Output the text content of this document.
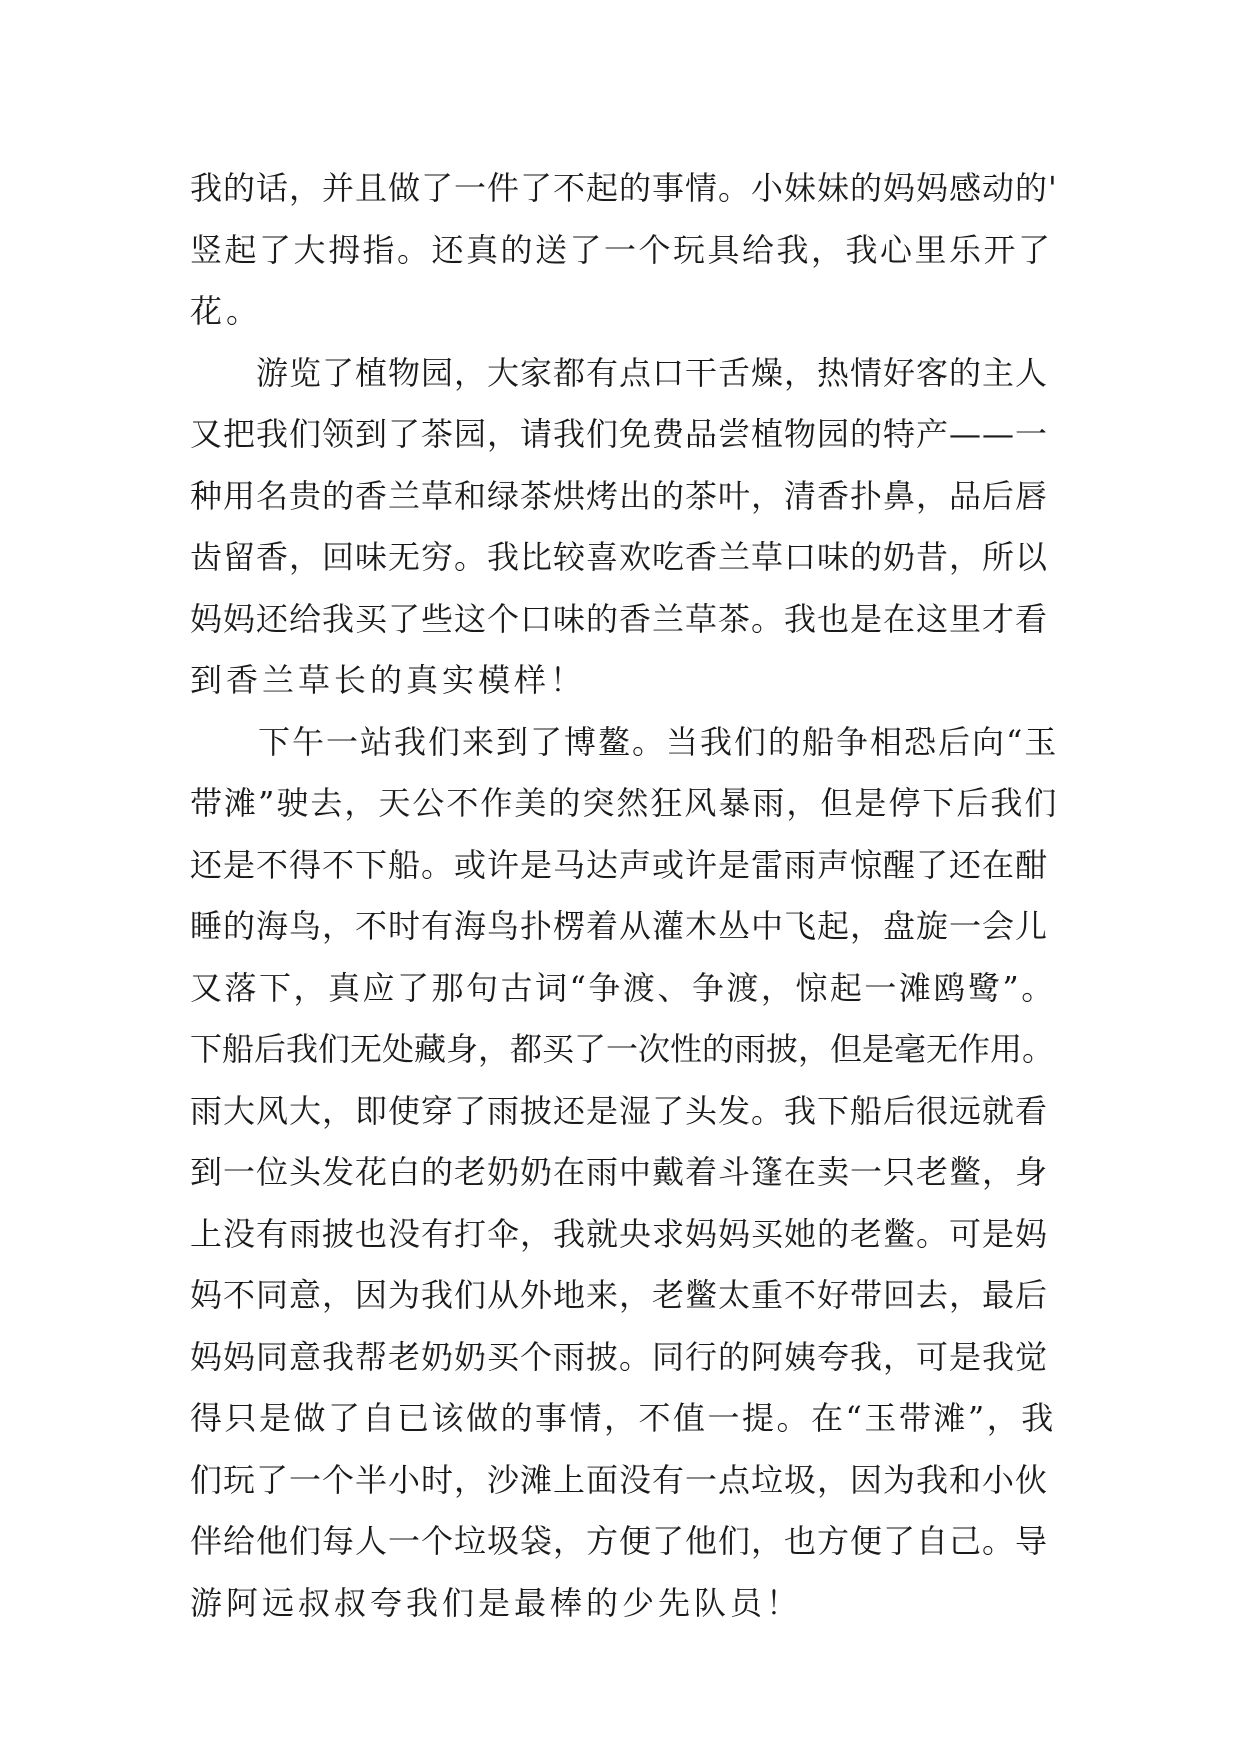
我的话，并且做了一件了不起的事情。小妹妹的妈妈感动的'
竖起了大拇指。还真的送了一个玩具给我，我心里乐开了
花。
　　游览了植物园，大家都有点口干舌燥，热情好客的主人
又把我们领到了茶园，请我们免费品尝植物园的特产——一
种用名贵的香兰草和绿茶烘烤出的茶叶，清香扑鼻，品后唇
齿留香，回味无穷。我比较喜欢吃香兰草口味的奶昔，所以
妈妈还给我买了些这个口味的香兰草茶。我也是在这里才看
到香兰草长的真实模样！
　　下午一站我们来到了博鳌。当我们的船争相恐后向“玉
带滩”驶去，天公不作美的突然狂风暴雨，但是停下后我们
还是不得不下船。或许是马达声或许是雷雨声惊醒了还在酣
睡的海鸟，不时有海鸟扑楞着从灌木丛中飞起，盘旋一会儿
又落下，真应了那句古词“争渡、争渡，惊起一滩鸥鹭”。
下船后我们无处藏身，都买了一次性的雨披，但是毫无作用。
雨大风大，即使穿了雨披还是湿了头发。我下船后很远就看
到一位头发花白的老奶奶在雨中戴着斗篷在卖一只老鳖，身
上没有雨披也没有打伞，我就央求妈妈买她的老鳖。可是妈
妈不同意，因为我们从外地来，老鳖太重不好带回去，最后
妈妈同意我帮老奶奶买个雨披。同行的阿姨夸我，可是我觉
得只是做了自已该做的事情，不值一提。在“玉带滩”，我
们玩了一个半小时，沙滩上面没有一点垃圾，因为我和小伙
伴给他们每人一个垃圾袋，方便了他们，也方便了自己。导
游阿远叔叔夸我们是最棒的少先队员！
